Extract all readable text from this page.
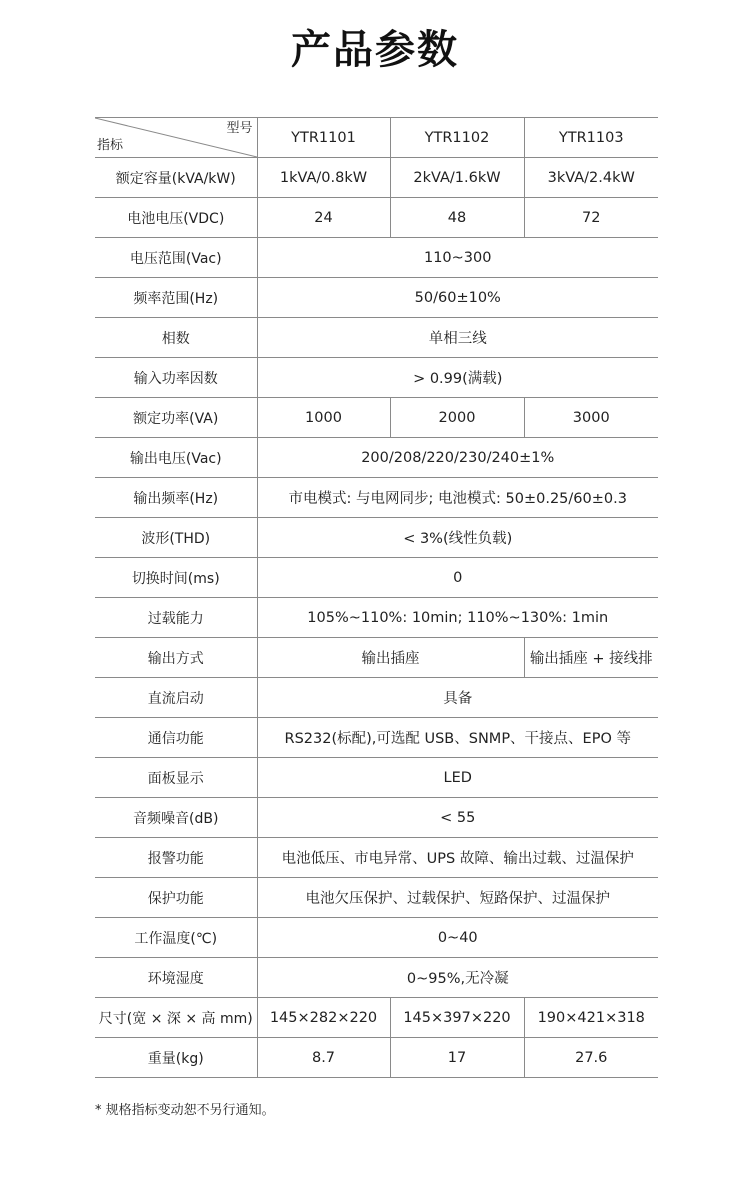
产品参数
型号
指标	YTR1101	YTR1102	YTR1103
额定容量(kVA/kW)	1kVA/0.8kW	2kVA/1.6kW	3kVA/2.4kW
电池电压(VDC)	24	48	72
电压范围(Vac)	110~300		
频率范围(Hz)	50/60±10%		
相数	单相三线		
输入功率因数	> 0.99(满载)		
额定功率(VA)	1000	2000	3000
输出电压(Vac)	200/208/220/230/240±1%		
输出频率(Hz)	市电模式: 与电网同步; 电池模式: 50±0.25/60±0.3		
波形(THD)	< 3%(线性负载)		
切换时间(ms)	0		
过载能力	105%~110%: 10min; 110%~130%: 1min		
输出方式	输出插座		输出插座 + 接线排
直流启动	具备		
通信功能	RS232(标配),可选配 USB、SNMP、干接点、EPO 等		
面板显示	LED		
音频噪音(dB)	< 55		
报警功能	电池低压、市电异常、UPS 故障、输出过载、过温保护		
保护功能	电池欠压保护、过载保护、短路保护、过温保护		
工作温度(℃)	0~40		
环境湿度	0~95%,无冷凝		
尺寸(宽 × 深 × 高 mm)	145×282×220	145×397×220	190×421×318
重量(kg)	8.7	17	27.6
* 规格指标变动恕不另行通知。
